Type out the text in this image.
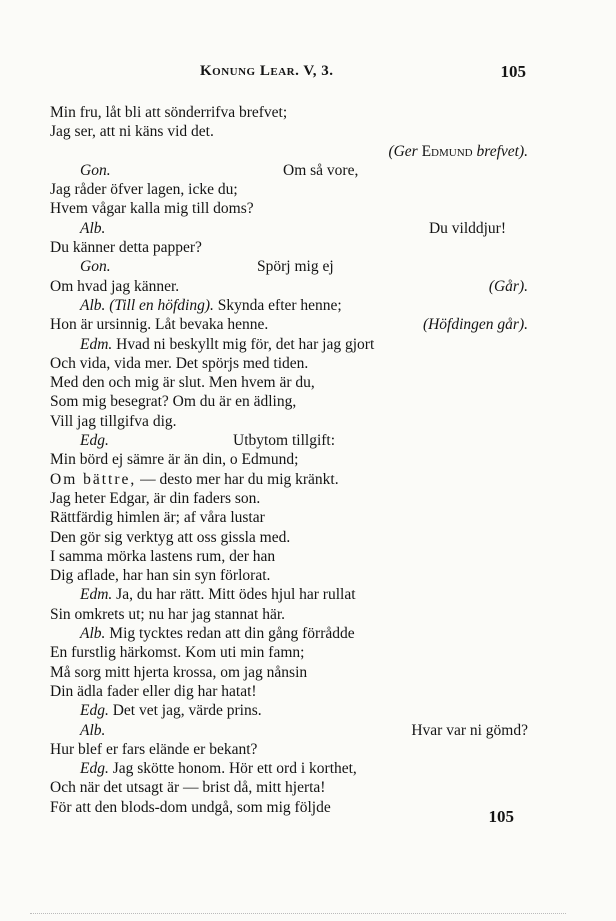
Konung Lear. V, 3.	105
Min fru, låt bli att sönderrifva brefvet;
Jag ser, att ni käns vid det.
(Ger Edmund brefvet).
Gon.	Om så vore,
Jag råder öfver lagen, icke du;
Hvem vågar kalla mig till doms?
Alb.	Du vilddjur!
Du känner detta papper?
Gon.	Spörj mig ej
Om hvad jag känner.	(Går).
Alb. (Till en höfding). Skynda efter henne;
Hon är ursinnig. Låt bevaka henne.	(Höfdingen går).
Edm. Hvad ni beskyllt mig för, det har jag gjort
Och vida, vida mer. Det spörjs med tiden.
Med den och mig är slut. Men hvem är du,
Som mig besegrat? Om du är en ädling,
Vill jag tillgifva dig.
Edg.	Utbytom tillgift:
Min börd ej sämre är än din, o Edmund;
Om bättre, — desto mer har du mig kränkt.
Jag heter Edgar, är din faders son.
Rättfärdig himlen är; af våra lustar
Den gör sig verktyg att oss gissla med.
I samma mörka lastens rum, der han
Dig aflade, har han sin syn förlorat.
Edm. Ja, du har rätt. Mitt ödes hjul har rullat
Sin omkrets ut; nu har jag stannat här.
Alb. Mig tycktes redan att din gång förrådde
En furstlig härkomst. Kom uti min famn;
Må sorg mitt hjerta krossa, om jag nånsin
Din ädla fader eller dig har hatat!
Edg. Det vet jag, värde prins.
Alb.	Hvar var ni gömd?
Hur blef er fars elände er bekant?
Edg. Jag skötte honom. Hör ett ord i korthet,
Och när det utsagt är — brist då, mitt hjerta!
För att den blods-dom undgå, som mig följde	105
